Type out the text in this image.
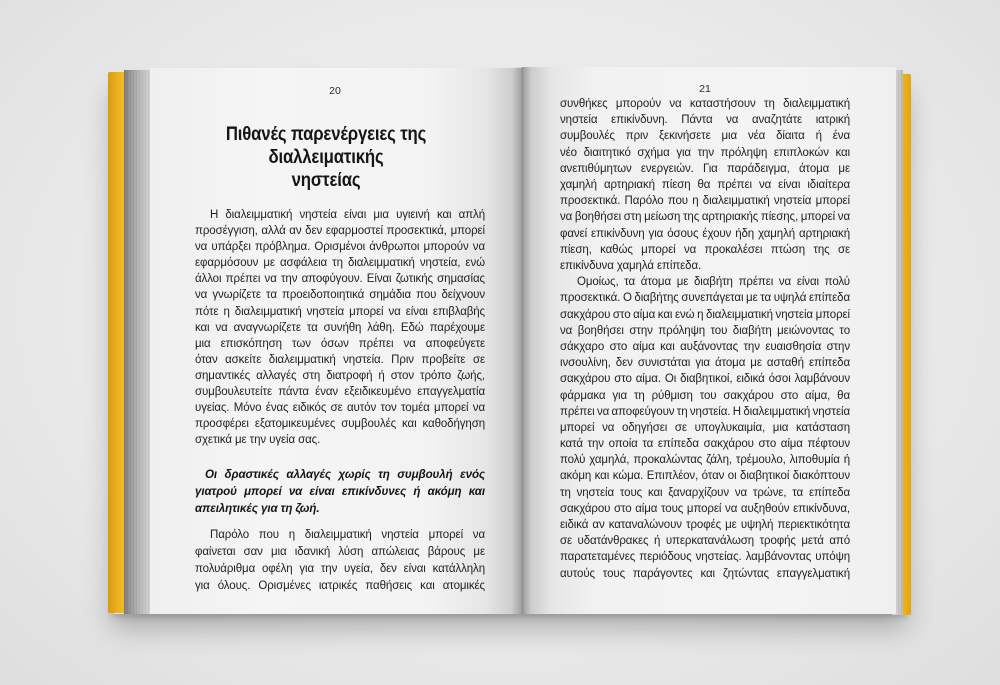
20
Πιθανές παρενέργειες της
διαλλειματικής
νηστείας
Η διαλειμματική νηστεία είναι μια υγιεινή και απλή
προσέγγιση, αλλά αν δεν εφαρμοστεί προσεκτικά, μπορεί
να υπάρξει πρόβλημα. Ορισμένοι άνθρωποι μπορούν να
εφαρμόσουν με ασφάλεια τη διαλειμματική νηστεία, ενώ
άλλοι πρέπει να την αποφύγουν. Είναι ζωτικής σημασίας
να γνωρίζετε τα προειδοποιητικά σημάδια που δείχνουν
πότε η διαλειμματική νηστεία μπορεί να είναι επιβλαβής
και να αναγνωρίζετε τα συνήθη λάθη. Εδώ παρέχουμε
μια επισκόπηση των όσων πρέπει να αποφεύγετε
όταν ασκείτε διαλειμματική νηστεία. Πριν προβείτε σε
σημαντικές αλλαγές στη διατροφή ή στον τρόπο ζωής,
συμβουλευτείτε πάντα έναν εξειδικευμένο επαγγελματία
υγείας. Μόνο ένας ειδικός σε αυτόν τον τομέα μπορεί να
προσφέρει εξατομικευμένες συμβουλές και καθοδήγηση
σχετικά με την υγεία σας.
Οι δραστικές αλλαγές χωρίς τη συμβουλή ενός
γιατρού μπορεί να είναι επικίνδυνες ή ακόμη και
απειλητικές για τη ζωή.
Παρόλο που η διαλειμματική νηστεία μπορεί να
φαίνεται σαν μια ιδανική λύση απώλειας βάρους με
πολυάριθμα οφέλη για την υγεία, δεν είναι κατάλληλη
για όλους. Ορισμένες ιατρικές παθήσεις και ατομικές
21
συνθήκες μπορούν να καταστήσουν τη διαλειμματική
νηστεία επικίνδυνη. Πάντα να αναζητάτε ιατρική
συμβουλές πριν ξεκινήσετε μια νέα δίαιτα ή ένα
νέο διαιτητικό σχήμα για την πρόληψη επιπλοκών και
ανεπιθύμητων ενεργειών. Για παράδειγμα, άτομα με
χαμηλή αρτηριακή πίεση θα πρέπει να είναι ιδιαίτερα
προσεκτικά. Παρόλο που η διαλειμματική νηστεία μπορεί
να βοηθήσει στη μείωση της αρτηριακής πίεσης, μπορεί να
φανεί επικίνδυνη για όσους έχουν ήδη χαμηλή αρτηριακή
πίεση, καθώς μπορεί να προκαλέσει πτώση της σε
επικίνδυνα χαμηλά επίπεδα.
Ομοίως, τα άτομα με διαβήτη πρέπει να είναι πολύ
προσεκτικά. Ο διαβήτης συνεπάγεται με τα υψηλά επίπεδα
σακχάρου στο αίμα και ενώ η διαλειμματική νηστεία μπορεί
να βοηθήσει στην πρόληψη του διαβήτη μειώνοντας το
σάκχαρο στο αίμα και αυξάνοντας την ευαισθησία στην
ινσουλίνη, δεν συνιστάται για άτομα με ασταθή επίπεδα
σακχάρου στο αίμα. Οι διαβητικοί, ειδικά όσοι λαμβάνουν
φάρμακα για τη ρύθμιση του σακχάρου στο αίμα, θα
πρέπει να αποφεύγουν τη νηστεία. Η διαλειμματική νηστεία
μπορεί να οδηγήσει σε υπογλυκαιμία, μια κατάσταση
κατά την οποία τα επίπεδα σακχάρου στο αίμα πέφτουν
πολύ χαμηλά, προκαλώντας ζάλη, τρέμουλο, λιποθυμία ή
ακόμη και κώμα. Επιπλέον, όταν οι διαβητικοί διακόπτουν
τη νηστεία τους και ξαναρχίζουν να τρώνε, τα επίπεδα
σακχάρου στο αίμα τους μπορεί να αυξηθούν επικίνδυνα,
ειδικά αν καταναλώνουν τροφές με υψηλή περιεκτικότητα
σε υδατάνθρακες ή υπερκατανάλωση τροφής μετά από
παρατεταμένες περιόδους νηστείας. λαμβάνοντας υπόψη
αυτούς τους παράγοντες και ζητώντας επαγγελματική
